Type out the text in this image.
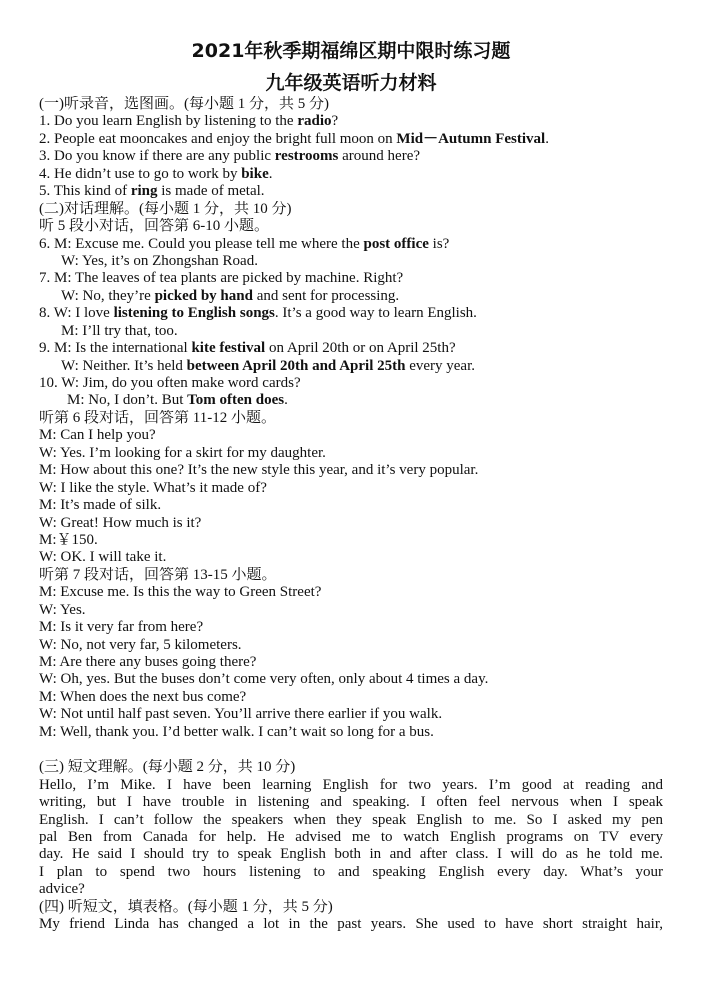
2021年秋季期福绵区期中限时练习题
九年级英语听力材料
(一)听录音，选图画。(每小题 1 分，共 5 分)
1. Do you learn English by listening to the radio?
2. People eat mooncakes and enjoy the bright full moon on Mid－Autumn Festival.
3. Do you know if there are any public restrooms around here?
4. He didn’t use to go to work by bike.
5. This kind of ring is made of metal.
(二)对话理解。(每小题 1 分，共 10 分)
听 5 段小对话，回答第 6-10 小题。
6. M: Excuse me. Could you please tell me where the post office is?
W: Yes, it’s on Zhongshan Road.
7. M: The leaves of tea plants are picked by machine. Right?
W: No, they’re picked by hand and sent for processing.
8. W: I love listening to English songs. It’s a good way to learn English.
M: I’ll try that, too.
9. M: Is the international kite festival on April 20th or on April 25th?
W: Neither. It’s held between April 20th and April 25th every year.
10. W: Jim, do you often make word cards?
M: No, I don’t. But Tom often does.
听第 6 段对话，回答第 11-12 小题。
M: Can I help you?
W: Yes. I’m looking for a skirt for my daughter.
M: How about this one? It’s the new style this year, and it’s very popular.
W: I like the style. What’s it made of?
M: It’s made of silk.
W: Great! How much is it?
M:￥150.
W: OK. I will take it.
听第 7 段对话，回答第 13-15 小题。
M: Excuse me. Is this the way to Green Street?
W: Yes.
M: Is it very far from here?
W: No, not very far, 5 kilometers.
M: Are there any buses going there?
W: Oh, yes. But the buses don’t come very often, only about 4 times a day.
M: When does the next bus come?
W: Not until half past seven. You’ll arrive there earlier if you walk.
M: Well, thank you. I’d better walk. I can’t wait so long for a bus.
(三) 短文理解。(每小题 2 分，共 10 分)
Hello, I’m Mike. I have been learning English for two years. I’m good at reading and
writing, but I have trouble in listening and speaking. I often feel nervous when I speak
English. I can’t follow the speakers when they speak English to me. So I asked my pen
pal Ben from Canada for help. He advised me to watch English programs on TV every
day. He said I should try to speak English both in and after class. I will do as he told me.
I plan to spend two hours listening to and speaking English every day. What’s your
advice?
(四) 听短文，填表格。(每小题 1 分，共 5 分)
My friend Linda has changed a lot in the past years. She used to have short straight hair,
